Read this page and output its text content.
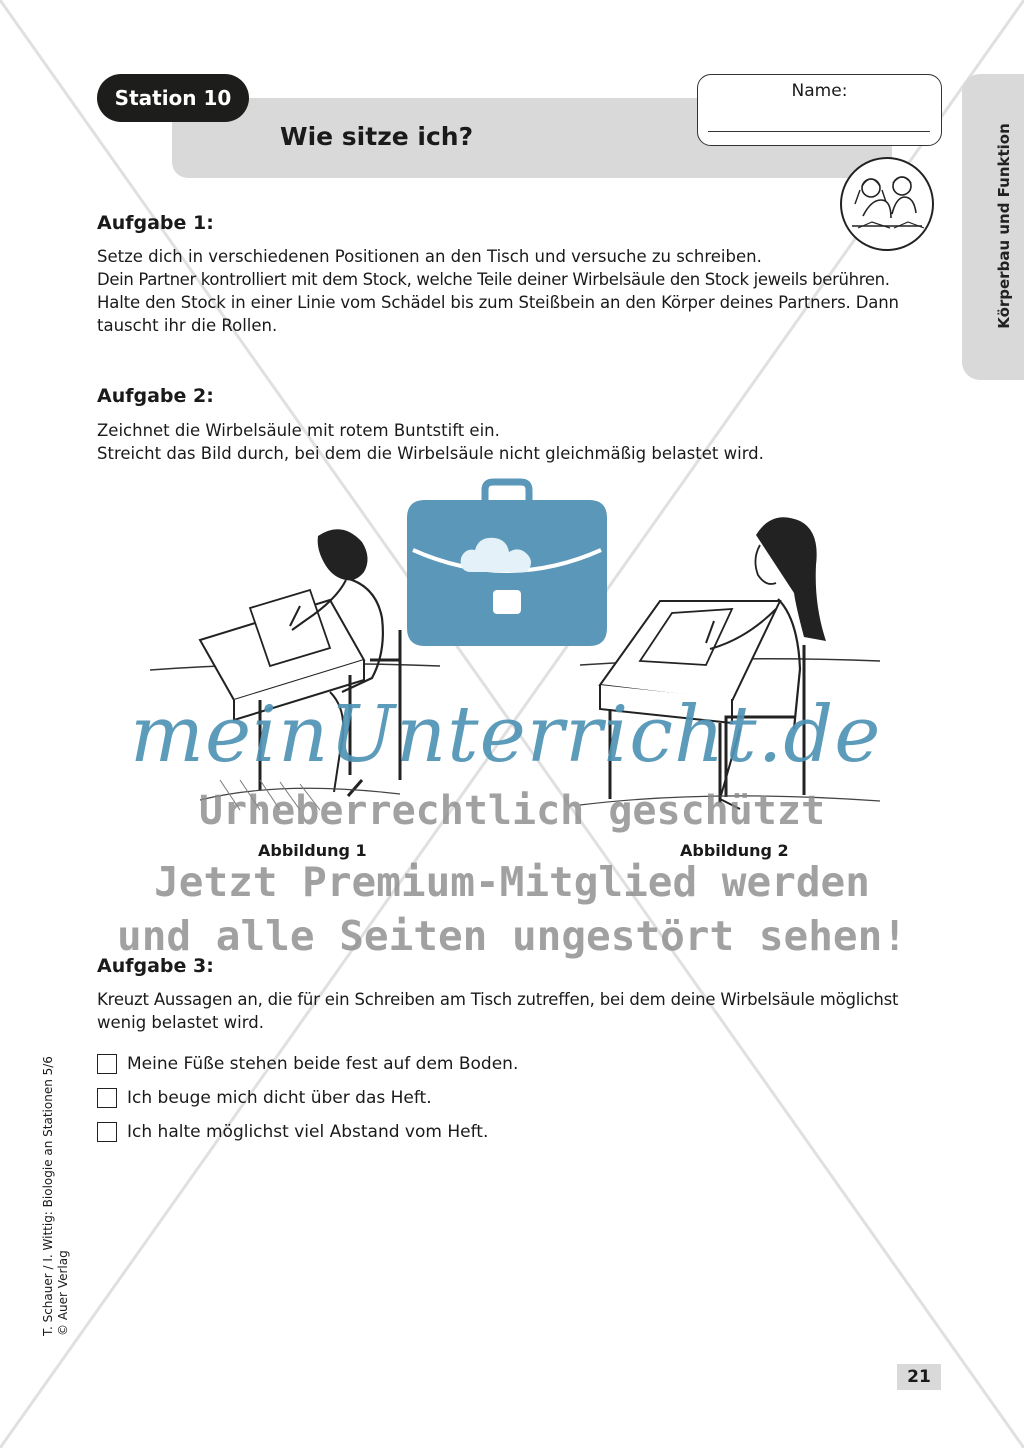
Station 10
Wie sitze ich?
Name:
Körperbau und Funktion
Aufgabe 1:
Setze dich in verschiedenen Positionen an den Tisch und versuche zu schreiben.
Dein Partner kontrolliert mit dem Stock, welche Teile deiner Wirbelsäule den Stock jeweils berühren.
Halte den Stock in einer Linie vom Schädel bis zum Steißbein an den Körper deines Partners. Dann
tauscht ihr die Rollen.
Aufgabe 2:
Zeichnet die Wirbelsäule mit rotem Buntstift ein.
Streicht das Bild durch, bei dem die Wirbelsäule nicht gleichmäßig belastet wird.
Abbildung 1	Abbildung 2
Aufgabe 3:
Kreuzt Aussagen an, die für ein Schreiben am Tisch zutreffen, bei dem deine Wirbelsäule möglichst
wenig belastet wird.
Meine Füße stehen beide fest auf dem Boden.
Ich beuge mich dicht über das Heft.
Ich halte möglichst viel Abstand vom Heft.
T. Schauer / I. Wittig: Biologie an Stationen 5/6 © Auer Verlag
21
meinUnterricht.de
Urheberrechtlich geschützt
Jetzt Premium-Mitglied werden
und alle Seiten ungestört sehen!
